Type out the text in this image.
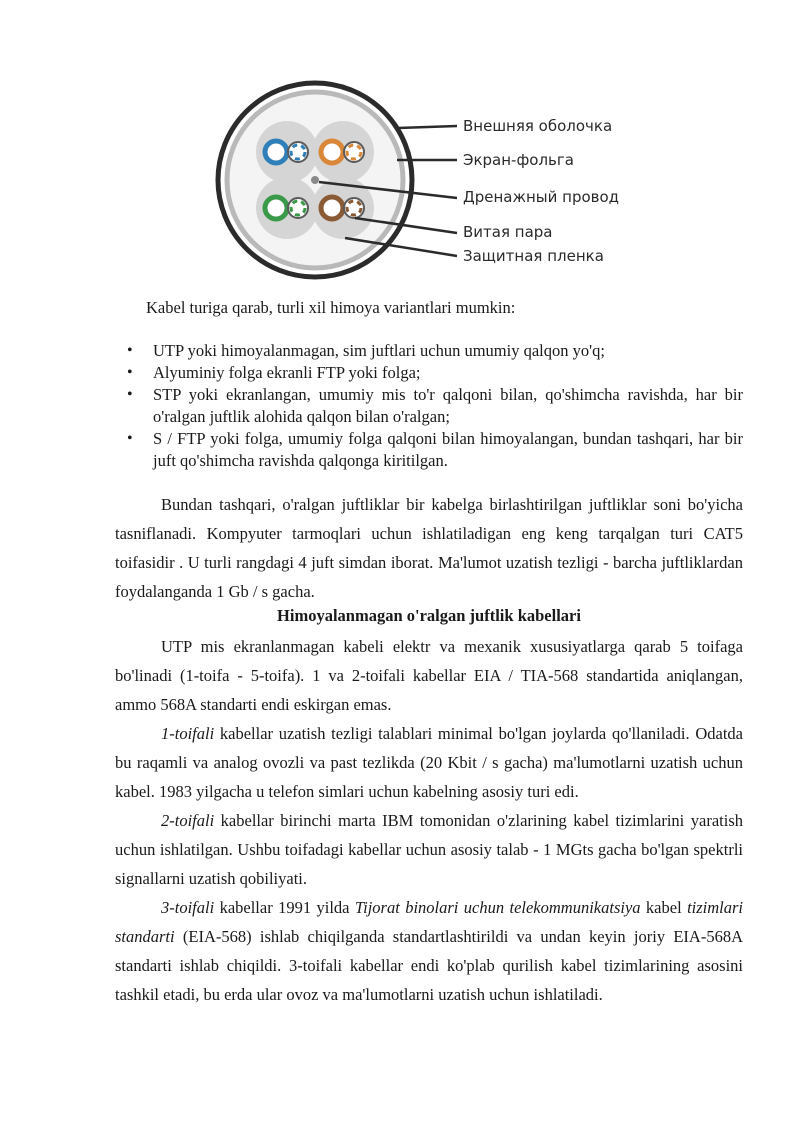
Внешняя оболочка
Экран-фольга
Дренажный провод
Витая пара
Защитная пленка

Kabel turiga qarab, turli xil himoya variantlari mumkin:

• UTP yoki himoyalanmagan, sim juftlari uchun umumiy qalqon yo'q;
• Alyuminiy folga ekranli FTP yoki folga;
• STP yoki ekranlangan, umumiy mis to'r qalqoni bilan, qo'shimcha ravishda, har bir o'ralgan juftlik alohida qalqon bilan o'ralgan;
• S / FTP yoki folga, umumiy folga qalqoni bilan himoyalangan, bundan tashqari, har bir juft qo'shimcha ravishda qalqonga kiritilgan.

Bundan tashqari, o'ralgan juftliklar bir kabelga birlashtirilgan juftliklar soni bo'yicha tasniflanadi. Kompyuter tarmoqlari uchun ishlatiladigan eng keng tarqalgan turi CAT5 toifasidir . U turli rangdagi 4 juft simdan iborat. Ma'lumot uzatish tezligi - barcha juftliklardan foydalanganda 1 Gb / s gacha.

Himoyalanmagan o'ralgan juftlik kabellari

UTP mis ekranlanmagan kabeli elektr va mexanik xususiyatlarga qarab 5 toifaga bo'linadi (1-toifa - 5-toifa). 1 va 2-toifali kabellar EIA / TIA-568 standartida aniqlangan, ammo 568A standarti endi eskirgan emas.

1-toifali kabellar uzatish tezligi talablari minimal bo'lgan joylarda qo'llaniladi. Odatda bu raqamli va analog ovozli va past tezlikda (20 Kbit / s gacha) ma'lumotlarni uzatish uchun kabel. 1983 yilgacha u telefon simlari uchun kabelning asosiy turi edi.

2-toifali kabellar birinchi marta IBM tomonidan o'zlarining kabel tizimlarini yaratish uchun ishlatilgan. Ushbu toifadagi kabellar uchun asosiy talab - 1 MGts gacha bo'lgan spektrli signallarni uzatish qobiliyati.

3-toifali kabellar 1991 yilda Tijorat binolari uchun telekommunikatsiya kabel tizimlari standarti (EIA-568) ishlab chiqilganda standartlashtirildi va undan keyin joriy EIA-568A standarti ishlab chiqildi. 3-toifali kabellar endi ko'plab qurilish kabel tizimlarining asosini tashkil etadi, bu erda ular ovoz va ma'lumotlarni uzatish uchun ishlatiladi.
